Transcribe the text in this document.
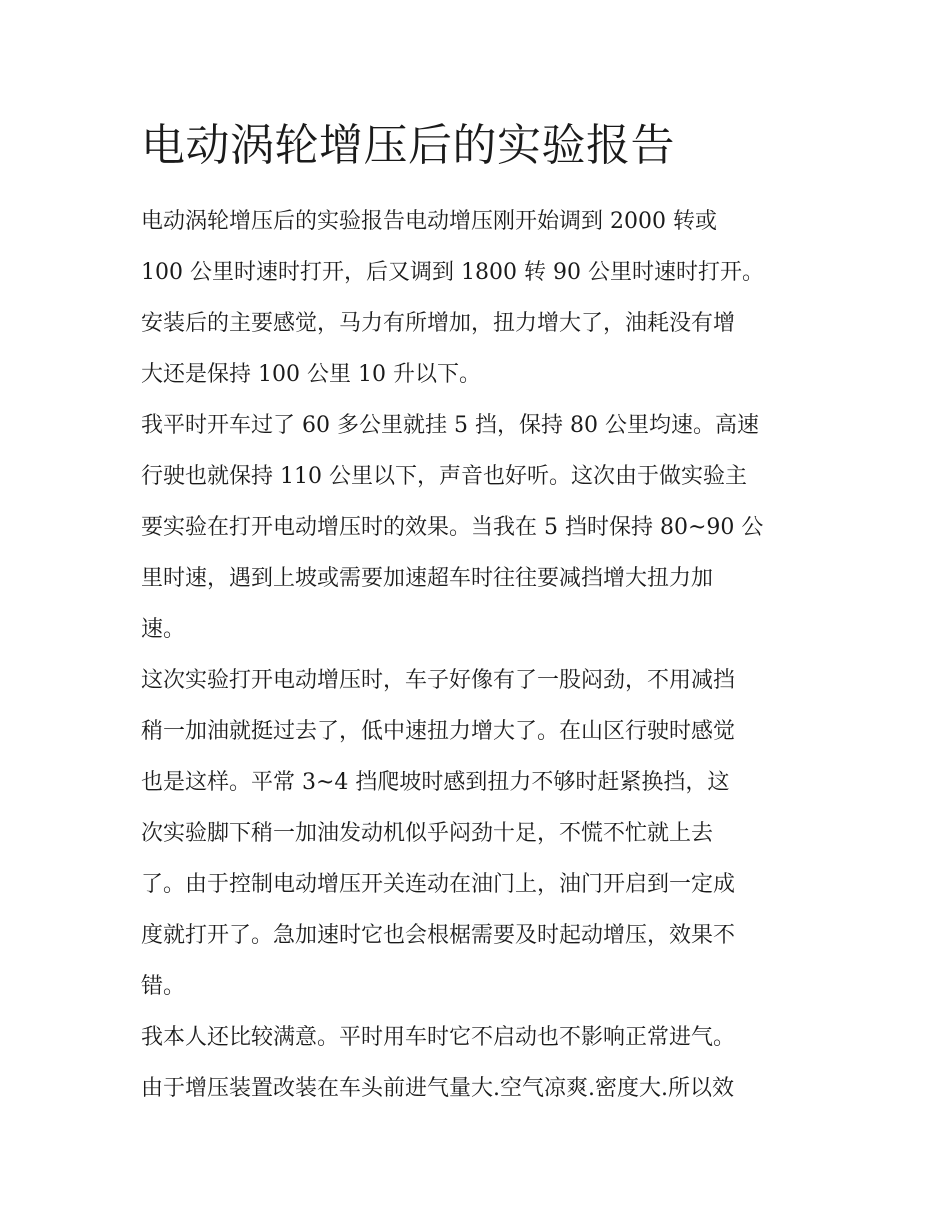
电动涡轮增压后的实验报告
电动涡轮增压后的实验报告电动增压刚开始调到 2000 转或
100 公里时速时打开，后又调到 1800 转 90 公里时速时打开。
安装后的主要感觉，马力有所增加，扭力增大了，油耗没有增
大还是保持 100 公里 10 升以下。
我平时开车过了 60 多公里就挂 5 挡，保持 80 公里均速。高速
行驶也就保持 110 公里以下，声音也好听。这次由于做实验主
要实验在打开电动增压时的效果。当我在 5 挡时保持 80~90 公
里时速，遇到上坡或需要加速超车时往往要减挡增大扭力加
速。
这次实验打开电动增压时，车子好像有了一股闷劲，不用减挡
稍一加油就挺过去了，低中速扭力增大了。在山区行驶时感觉
也是这样。平常 3~4 挡爬坡时感到扭力不够时赶紧换挡，这
次实验脚下稍一加油发动机似乎闷劲十足，不慌不忙就上去
了。由于控制电动增压开关连动在油门上，油门开启到一定成
度就打开了。急加速时它也会根椐需要及时起动增压，效果不
错。
我本人还比较满意。平时用车时它不启动也不影响正常进气。
由于增压装置改装在车头前进气量大.空气凉爽.密度大.所以效
